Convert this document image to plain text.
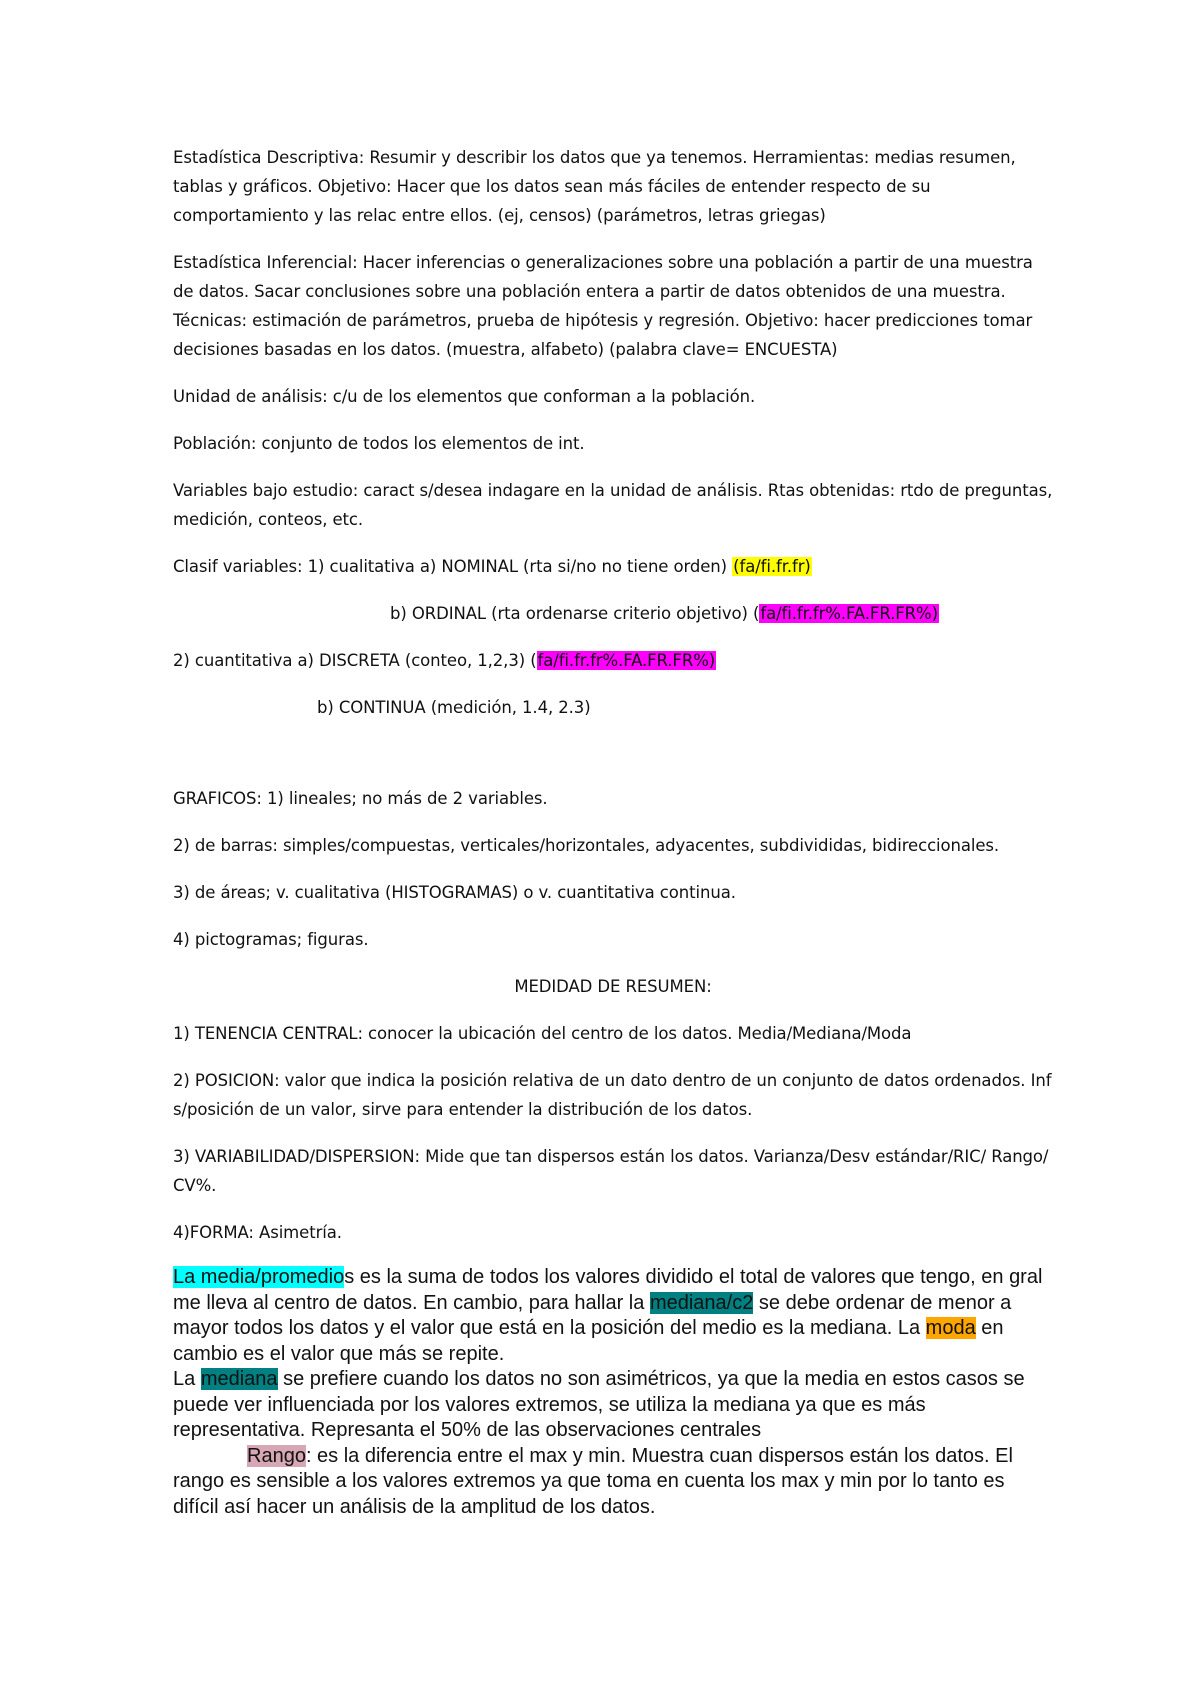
Estadística Descriptiva: Resumir y describir los datos que ya tenemos. Herramientas: medias resumen, tablas y gráficos. Objetivo: Hacer que los datos sean más fáciles de entender respecto de su comportamiento y las relac entre ellos. (ej, censos) (parámetros, letras griegas)

Estadística Inferencial: Hacer inferencias o generalizaciones sobre una población a partir de una muestra de datos. Sacar conclusiones sobre una población entera a partir de datos obtenidos de una muestra. Técnicas: estimación de parámetros, prueba de hipótesis y regresión. Objetivo: hacer predicciones tomar decisiones basadas en los datos. (muestra, alfabeto) (palabra clave= ENCUESTA)

Unidad de análisis: c/u de los elementos que conforman a la población.

Población: conjunto de todos los elementos de int.

Variables bajo estudio: caract s/desea indagare en la unidad de análisis. Rtas obtenidas: rtdo de preguntas, medición, conteos, etc.

Clasif variables: 1) cualitativa a) NOMINAL (rta si/no no tiene orden) (fa/fi.fr.fr)

b) ORDINAL (rta ordenarse criterio objetivo) (fa/fi.fr.fr%.FA.FR.FR%)

2) cuantitativa a) DISCRETA (conteo, 1,2,3) (fa/fi.fr.fr%.FA.FR.FR%)

b) CONTINUA (medición, 1.4, 2.3)

GRAFICOS: 1) lineales; no más de 2 variables.

2) de barras: simples/compuestas, verticales/horizontales, adyacentes, subdivididas, bidireccionales.

3) de áreas; v. cualitativa (HISTOGRAMAS) o v. cuantitativa continua.

4) pictogramas; figuras.

MEDIDAD DE RESUMEN:

1) TENENCIA CENTRAL: conocer la ubicación del centro de los datos. Media/Mediana/Moda

2) POSICION: valor que indica la posición relativa de un dato dentro de un conjunto de datos ordenados. Inf s/posición de un valor, sirve para entender la distribución de los datos.

3) VARIABILIDAD/DISPERSION: Mide que tan dispersos están los datos. Varianza/Desv estándar/RIC/ Rango/ CV%.

4)FORMA: Asimetría.

La media/promedios es la suma de todos los valores dividido el total de valores que tengo, en gral me lleva al centro de datos. En cambio, para hallar la mediana/c2 se debe ordenar de menor a mayor todos los datos y el valor que está en la posición del medio es la mediana. La moda en cambio es el valor que más se repite.

La mediana se prefiere cuando los datos no son asimétricos, ya que la media en estos casos se puede ver influenciada por los valores extremos, se utiliza la mediana ya que es más representativa. Represanta el 50% de las observaciones centrales

Rango: es la diferencia entre el max y min. Muestra cuan dispersos están los datos. El rango es sensible a los valores extremos ya que toma en cuenta los max y min por lo tanto es difícil así hacer un análisis de la amplitud de los datos.
